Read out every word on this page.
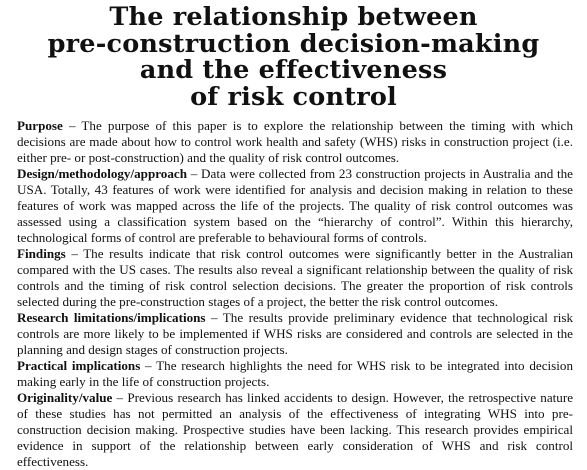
The relationship between
pre-construction decision-making
and the effectiveness
of risk control

Purpose – The purpose of this paper is to explore the relationship between the timing with which decisions are made about how to control work health and safety (WHS) risks in construction project (i.e. either pre- or post-construction) and the quality of risk control outcomes.

Design/methodology/approach – Data were collected from 23 construction projects in Australia and the USA. Totally, 43 features of work were identified for analysis and decision making in relation to these features of work was mapped across the life of the projects. The quality of risk control outcomes was assessed using a classification system based on the “hierarchy of control”. Within this hierarchy, technological forms of control are preferable to behavioural forms of controls.

Findings – The results indicate that risk control outcomes were significantly better in the Australian compared with the US cases. The results also reveal a significant relationship between the quality of risk controls and the timing of risk control selection decisions. The greater the proportion of risk controls selected during the pre-construction stages of a project, the better the risk control outcomes.

Research limitations/implications – The results provide preliminary evidence that technological risk controls are more likely to be implemented if WHS risks are considered and controls are selected in the planning and design stages of construction projects.

Practical implications – The research highlights the need for WHS risk to be integrated into decision making early in the life of construction projects.

Originality/value – Previous research has linked accidents to design. However, the retrospective nature of these studies has not permitted an analysis of the effectiveness of integrating WHS into pre-construction decision making. Prospective studies have been lacking. This research provides empirical evidence in support of the relationship between early consideration of WHS and risk control effectiveness.
